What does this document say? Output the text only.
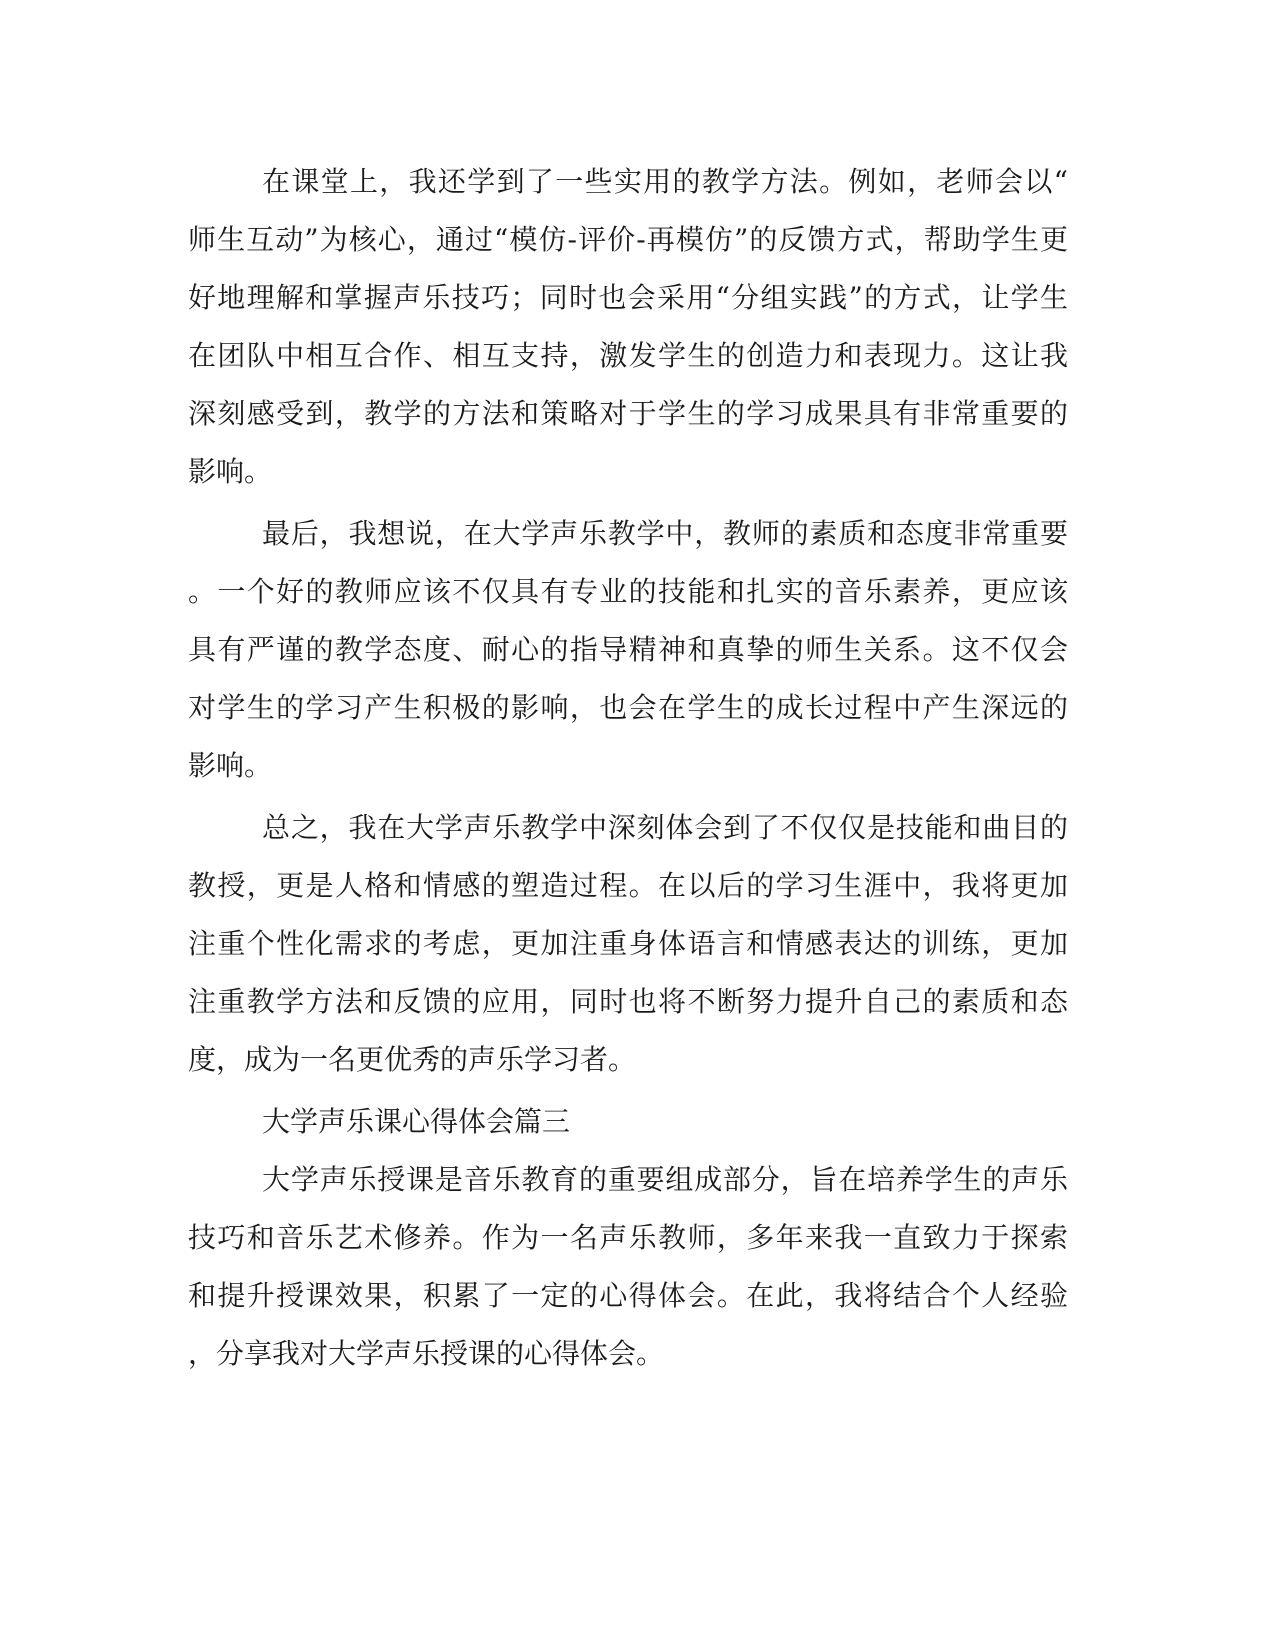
在课堂上，我还学到了一些实用的教学方法。例如，老师会以“
师生互动”为核心，通过“模仿-评价-再模仿”的反馈方式，帮助学生更
好地理解和掌握声乐技巧；同时也会采用“分组实践”的方式，让学生
在团队中相互合作、相互支持，激发学生的创造力和表现力。这让我
深刻感受到，教学的方法和策略对于学生的学习成果具有非常重要的
影响。
最后，我想说，在大学声乐教学中，教师的素质和态度非常重要
。一个好的教师应该不仅具有专业的技能和扎实的音乐素养，更应该
具有严谨的教学态度、耐心的指导精神和真挚的师生关系。这不仅会
对学生的学习产生积极的影响，也会在学生的成长过程中产生深远的
影响。
总之，我在大学声乐教学中深刻体会到了不仅仅是技能和曲目的
教授，更是人格和情感的塑造过程。在以后的学习生涯中，我将更加
注重个性化需求的考虑，更加注重身体语言和情感表达的训练，更加
注重教学方法和反馈的应用，同时也将不断努力提升自己的素质和态
度，成为一名更优秀的声乐学习者。
大学声乐课心得体会篇三
大学声乐授课是音乐教育的重要组成部分，旨在培养学生的声乐
技巧和音乐艺术修养。作为一名声乐教师，多年来我一直致力于探索
和提升授课效果，积累了一定的心得体会。在此，我将结合个人经验
，分享我对大学声乐授课的心得体会。
